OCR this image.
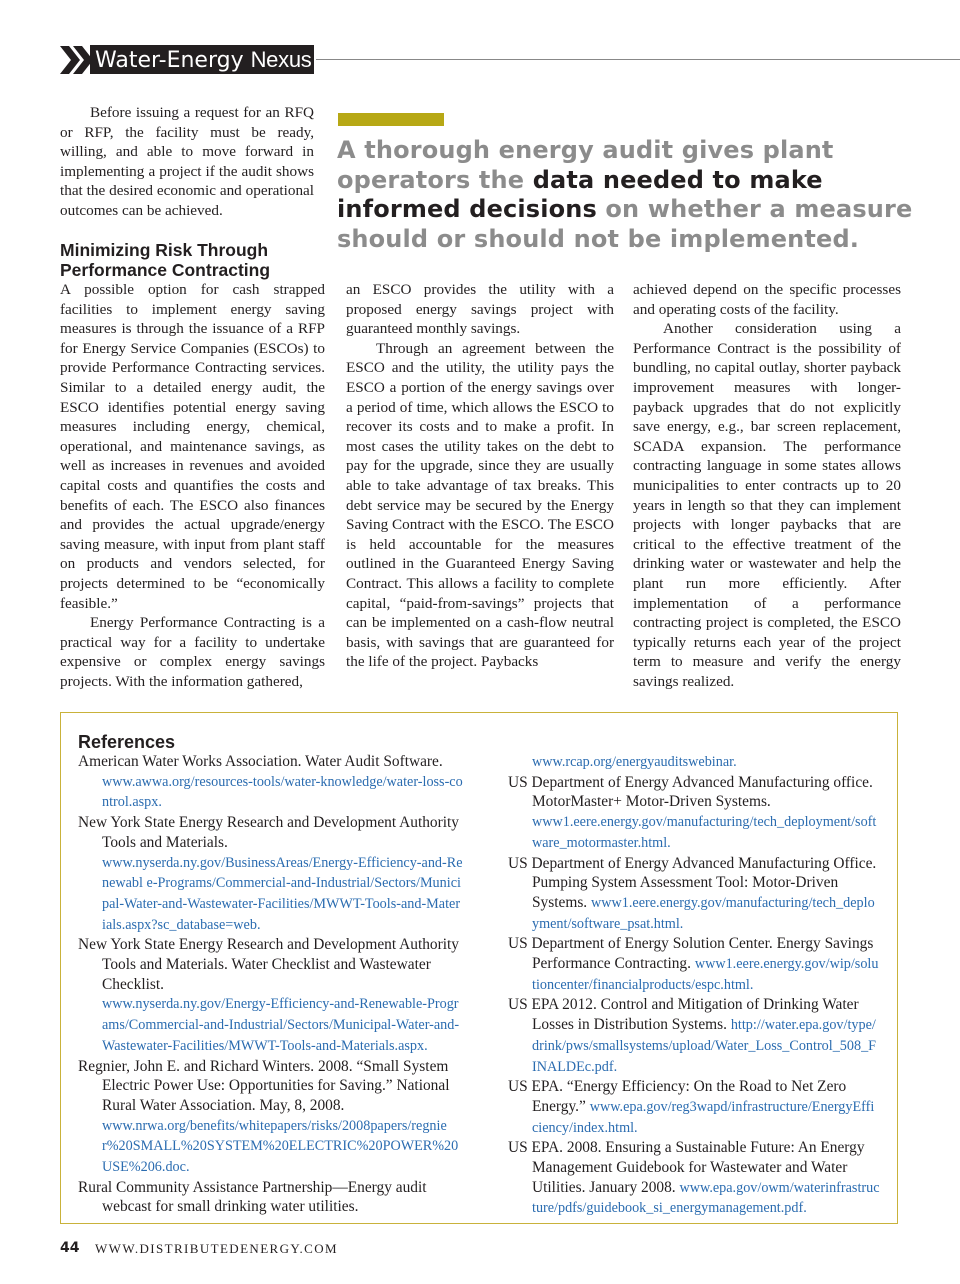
Water-Energy Nexus

Before issuing a request for an RFQ or RFP, the facility must be ready, willing, and able to move forward in implementing a project if the audit shows that the desired economic and operational outcomes can be achieved.

Minimizing Risk Through
Performance Contracting

A thorough energy audit gives plant operators the data needed to make informed decisions on whether a measure should or should not be implemented.

A possible option for cash strapped facilities to implement energy saving measures is through the issuance of a RFP for Energy Service Companies (ESCOs) to provide Performance Contracting services. Similar to a detailed energy audit, the ESCO identifies potential energy saving measures including energy, chemical, operational, and maintenance savings, as well as increases in revenues and avoided capital costs and quantifies the costs and benefits of each. The ESCO also finances and provides the actual upgrade/energy saving measure, with input from plant staff on products and vendors selected, for projects determined to be “economically feasible.”

Energy Performance Contracting is a practical way for a facility to undertake expensive or complex energy savings projects. With the information gathered,

an ESCO provides the utility with a proposed energy savings project with guaranteed monthly savings.

Through an agreement between the ESCO and the utility, the utility pays the ESCO a portion of the energy savings over a period of time, which allows the ESCO to recover its costs and to make a profit. In most cases the utility takes on the debt to pay for the upgrade, since they are usually able to take advantage of tax breaks. This debt service may be secured by the Energy Saving Contract with the ESCO. The ESCO is held accountable for the measures outlined in the Guaranteed Energy Saving Contract. This allows a facility to complete capital, “paid-from-savings” projects that can be implemented on a cash-flow neutral basis, with savings that are guaranteed for the life of the project. Paybacks

achieved depend on the specific processes and operating costs of the facility.

Another consideration using a Performance Contract is the possibility of bundling, no capital outlay, shorter payback improvement measures with longer-payback upgrades that do not explicitly save energy, e.g., bar screen replacement, SCADA expansion. The performance contracting language in some states allows municipalities to enter contracts up to 20 years in length so that they can implement projects with longer paybacks that are critical to the effective treatment of the drinking water or wastewater and help the plant run more efficiently. After implementation of a performance contracting project is completed, the ESCO typically returns each year of the project term to measure and verify the energy savings realized.

References
American Water Works Association. Water Audit Software.
www.awwa.org/resources-tools/water-knowledge/water-loss-control.aspx.
New York State Energy Research and Development Authority Tools and Materials.
www.nyserda.ny.gov/BusinessAreas/Energy-Efficiency-and-Renewabl e-Programs/Commercial-and-Industrial/Sectors/Municipal-Water-and-Wastewater-Facilities/MWWT-Tools-and-Materials.aspx?sc_database=web.
New York State Energy Research and Development Authority Tools and Materials. Water Checklist and Wastewater Checklist.
www.nyserda.ny.gov/Energy-Efficiency-and-Renewable-Programs/Commercial-and-Industrial/Sectors/Municipal-Water-and-Wastewater-Facilities/MWWT-Tools-and-Materials.aspx.
Regnier, John E. and Richard Winters. 2008. “Small System Electric Power Use: Opportunities for Saving.” National Rural Water Association. May, 8, 2008.
www.nrwa.org/benefits/whitepapers/risks/2008papers/regnier%20SMALL%20SYSTEM%20ELECTRIC%20POWER%20USE%206.doc.
Rural Community Assistance Partnership—Energy audit webcast for small drinking water utilities.
www.rcap.org/energyauditswebinar.
US Department of Energy Advanced Manufacturing office. MotorMaster+ Motor-Driven Systems.
www1.eere.energy.gov/manufacturing/tech_deployment/software_motormaster.html.
US Department of Energy Advanced Manufacturing Office. Pumping System Assessment Tool: Motor-Driven Systems. www1.eere.energy.gov/manufacturing/tech_deployment/software_psat.html.
US Department of Energy Solution Center. Energy Savings Performance Contracting. www1.eere.energy.gov/wip/solutioncenter/financialproducts/espc.html.
US EPA 2012. Control and Mitigation of Drinking Water Losses in Distribution Systems. http://water.epa.gov/type/drink/pws/smallsystems/upload/Water_Loss_Control_508_FINALDEc.pdf.
US EPA. “Energy Efficiency: On the Road to Net Zero Energy.” www.epa.gov/reg3wapd/infrastructure/EnergyEfficiency/index.html.
US EPA. 2008. Ensuring a Sustainable Future: An Energy Management Guidebook for Wastewater and Water Utilities. January 2008. www.epa.gov/owm/waterinfrastructure/pdfs/guidebook_si_energymanagement.pdf.
44 WWW.DISTRIBUTEDENERGY.COM
